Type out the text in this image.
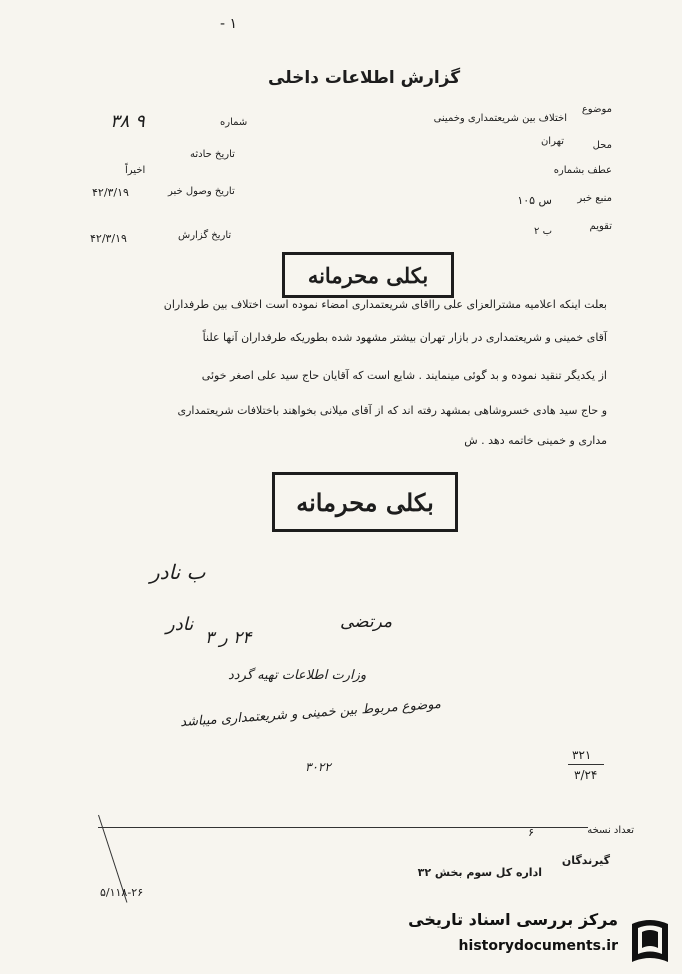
۱ -
گزارش اطلاعات داخلی
موضوع
اختلاف بین شریعتمداری وخمینی
محل
تهران
عطف بشماره
منبع خبر
س ۱۰۵
تقویم
ب ۲
شماره
۹ ۳۸
تاریخ حادثه
اخیراً
تاریخ وصول خبر
۴۲/۳/۱۹
تاریخ گزارش
۴۲/۳/۱۹
بکلی محرمانه
بعلت اینکه اعلامیه مشترالعزای علی رااقای شریعتمداری امضاء نموده است اختلاف بین طرفداران
آقای خمینی و شریعتمداری در بازار تهران بیشتر مشهود شده بطوریکه طرفداران آنها علناً
از یکدیگر تنقید نموده و بد گوئی مینمایند . شایع است که آقایان حاج سید علی اصغر خوئی
و حاج سید هادی خسروشاهی بمشهد رفته اند که از آقای میلانی بخواهند باختلافات شریعتمداری
مداری و خمینی خاتمه دهد . ش
بکلی محرمانه
ب نادر
نادر	مرتضی
۲۴ ر ۳
وزارت اطلاعات تهیه گردد
موضوع مربوط بین خمینی و شریعتمداری میباشد
۳۰۲۲
۳۲۱
۳/۲۴
تعداد نسخه
۶
گیرندگان
اداره کل سوم بخش ۳۲
۵/۱۱۸-۲۶
مرکز بررسی اسناد تاریخی
historydocuments.ir
